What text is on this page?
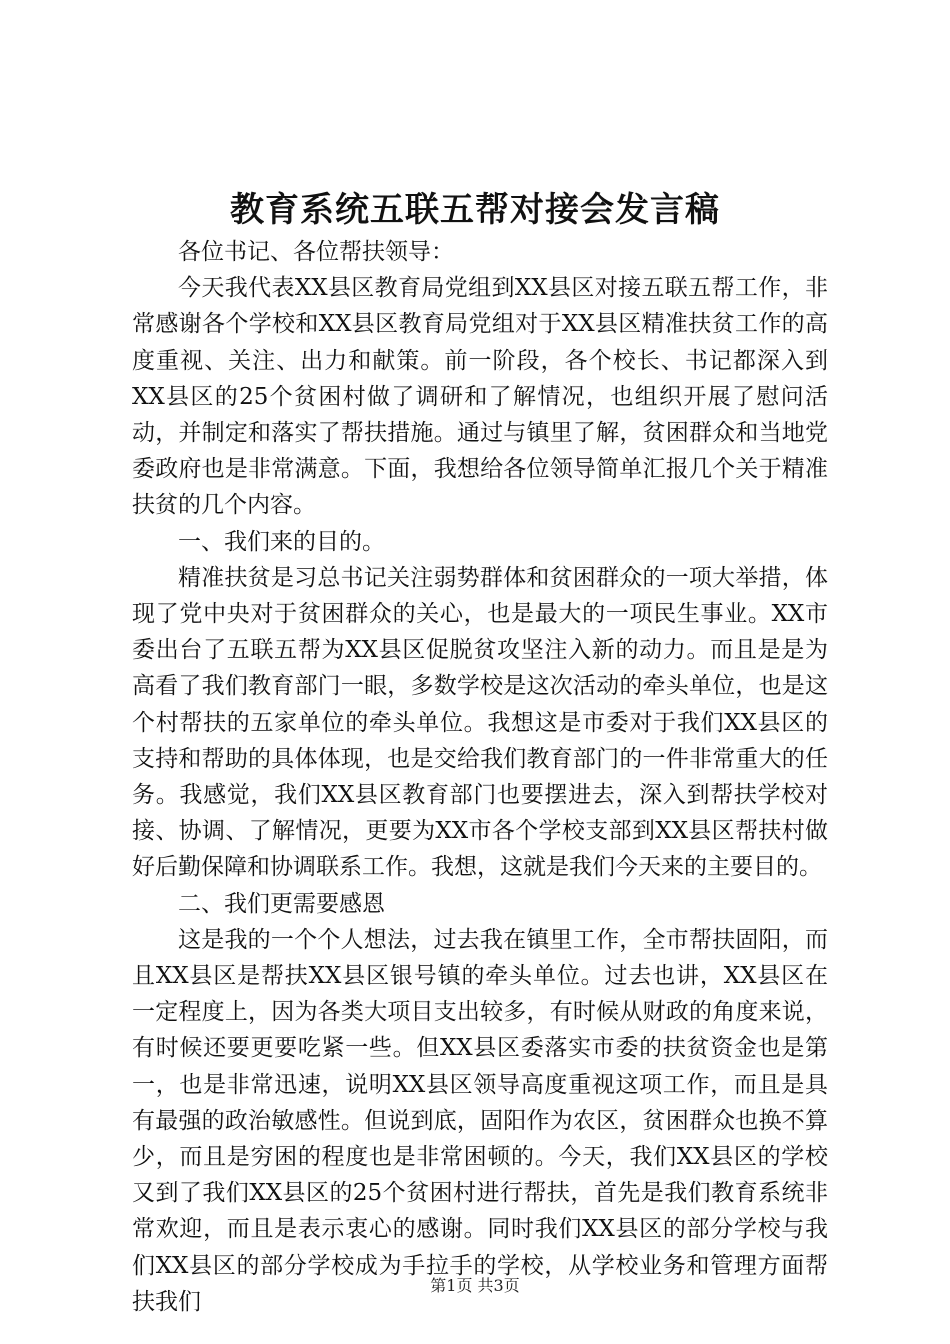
教育系统五联五帮对接会发言稿

各位书记、各位帮扶领导：

今天我代表XX县区教育局党组到XX县区对接五联五帮工作，非常感谢各个学校和XX县区教育局党组对于XX县区精准扶贫工作的高度重视、关注、出力和献策。前一阶段，各个校长、书记都深入到XX县区的25个贫困村做了调研和了解情况，也组织开展了慰问活动，并制定和落实了帮扶措施。通过与镇里了解，贫困群众和当地党委政府也是非常满意。下面，我想给各位领导简单汇报几个关于精准扶贫的几个内容。

一、我们来的目的。

精准扶贫是习总书记关注弱势群体和贫困群众的一项大举措，体现了党中央对于贫困群众的关心，也是最大的一项民生事业。XX市委出台了五联五帮为XX县区促脱贫攻坚注入新的动力。而且是是为高看了我们教育部门一眼，多数学校是这次活动的牵头单位，也是这个村帮扶的五家单位的牵头单位。我想这是市委对于我们XX县区的支持和帮助的具体体现，也是交给我们教育部门的一件非常重大的任务。我感觉，我们XX县区教育部门也要摆进去，深入到帮扶学校对接、协调、了解情况，更要为XX市各个学校支部到XX县区帮扶村做好后勤保障和协调联系工作。我想，这就是我们今天来的主要目的。

二、我们更需要感恩

这是我的一个个人想法，过去我在镇里工作，全市帮扶固阳，而且XX县区是帮扶XX县区银号镇的牵头单位。过去也讲，XX县区在一定程度上，因为各类大项目支出较多，有时候从财政的角度来说，有时候还要更要吃紧一些。但XX县区委落实市委的扶贫资金也是第一，也是非常迅速，说明XX县区领导高度重视这项工作，而且是具有最强的政治敏感性。但说到底，固阳作为农区，贫困群众也换不算少，而且是穷困的程度也是非常困顿的。今天，我们XX县区的学校又到了我们XX县区的25个贫困村进行帮扶，首先是我们教育系统非常欢迎，而且是表示衷心的感谢。同时我们XX县区的部分学校与我们XX县区的部分学校成为手拉手的学校，从学校业务和管理方面帮扶我们

第1页 共3页
